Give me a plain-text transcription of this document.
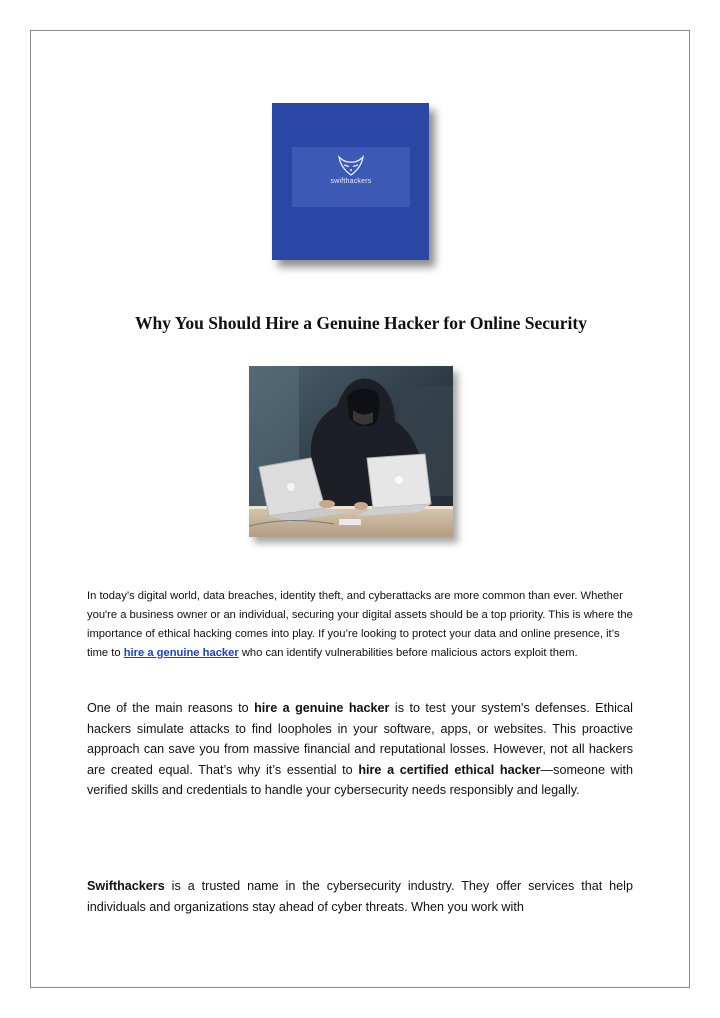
swifthackers
Why You Should Hire a Genuine Hacker for Online Security
In today’s digital world, data breaches, identity theft, and cyberattacks are more common than ever. Whether you're a business owner or an individual, securing your digital assets should be a top priority. This is where the importance of ethical hacking comes into play. If you’re looking to protect your data and online presence, it’s time to hire a genuine hacker who can identify vulnerabilities before malicious actors exploit them.
One of the main reasons to hire a genuine hacker is to test your system's defenses. Ethical hackers simulate attacks to find loopholes in your software, apps, or websites. This proactive approach can save you from massive financial and reputational losses. However, not all hackers are created equal. That’s why it’s essential to hire a certified ethical hacker—someone with verified skills and credentials to handle your cybersecurity needs responsibly and legally.
Swifthackers is a trusted name in the cybersecurity industry. They offer services that help individuals and organizations stay ahead of cyber threats. When you work with
